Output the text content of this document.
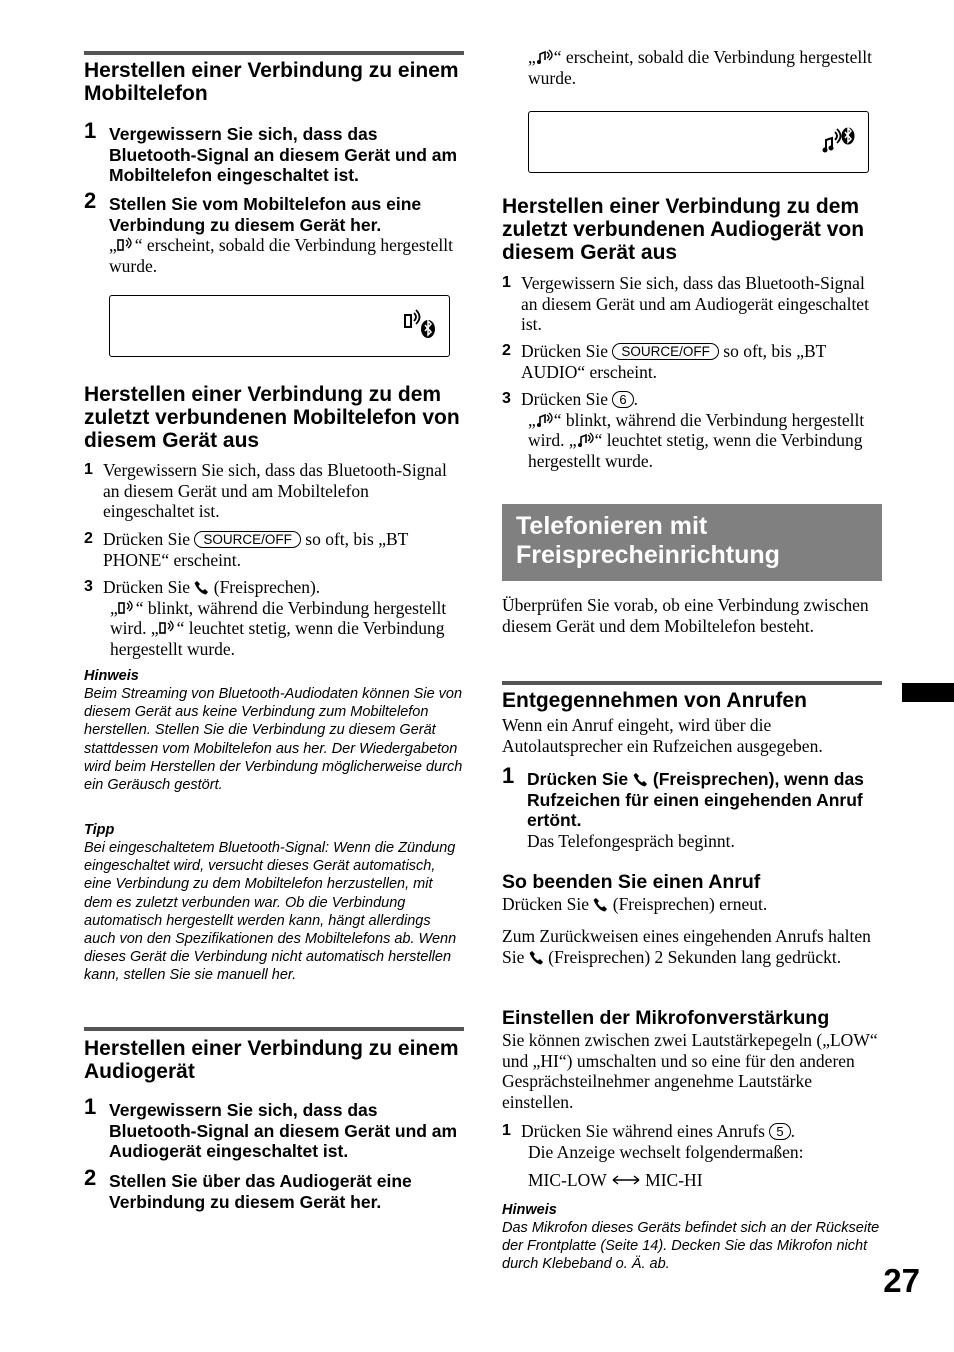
Herstellen einer Verbindung zu einem Mobiltelefon
1 Vergewissern Sie sich, dass das Bluetooth-Signal an diesem Gerät und am Mobiltelefon eingeschaltet ist.
2 Stellen Sie vom Mobiltelefon aus eine Verbindung zu diesem Gerät her.
„ “ erscheint, sobald die Verbindung hergestellt wurde.
Herstellen einer Verbindung zu dem zuletzt verbundenen Mobiltelefon von diesem Gerät aus
1 Vergewissern Sie sich, dass das Bluetooth-Signal an diesem Gerät und am Mobiltelefon eingeschaltet ist.
2 Drücken Sie SOURCE/OFF so oft, bis „BT PHONE“ erscheint.
3 Drücken Sie  (Freisprechen).
„ “ blinkt, während die Verbindung hergestellt wird. „ “ leuchtet stetig, wenn die Verbindung hergestellt wurde.

Hinweis

Beim Streaming von Bluetooth-Audiodaten können Sie von diesem Gerät aus keine Verbindung zum Mobiltelefon herstellen. Stellen Sie die Verbindung zu diesem Gerät stattdessen vom Mobiltelefon aus her. Der Wiedergabeton wird beim Herstellen der Verbindung möglicherweise durch ein Geräusch gestört.

Tipp

Bei eingeschaltetem Bluetooth-Signal: Wenn die Zündung eingeschaltet wird, versucht dieses Gerät automatisch, eine Verbindung zu dem Mobiltelefon herzustellen, mit dem es zuletzt verbunden war. Ob die Verbindung automatisch hergestellt werden kann, hängt allerdings auch von den Spezifikationen des Mobiltelefons ab. Wenn dieses Gerät die Verbindung nicht automatisch herstellen kann, stellen Sie sie manuell her.

Herstellen einer Verbindung zu einem Audiogerät
1 Vergewissern Sie sich, dass das Bluetooth-Signal an diesem Gerät und am Audiogerät eingeschaltet ist.
2 Stellen Sie über das Audiogerät eine Verbindung zu diesem Gerät her.

„ “ erscheint, sobald die Verbindung hergestellt wurde.

Herstellen einer Verbindung zu dem zuletzt verbundenen Audiogerät von diesem Gerät aus
1 Vergewissern Sie sich, dass das Bluetooth-Signal an diesem Gerät und am Audiogerät eingeschaltet ist.
2 Drücken Sie SOURCE/OFF so oft, bis „BT AUDIO“ erscheint.
3 Drücken Sie 6 .
„ “ blinkt, während die Verbindung hergestellt wird. „ “ leuchtet stetig, wenn die Verbindung hergestellt wurde.
Telefonieren mit Freisprecheinrichtung

Überprüfen Sie vorab, ob eine Verbindung zwischen diesem Gerät und dem Mobiltelefon besteht.

Entgegennehmen von Anrufen

Wenn ein Anruf eingeht, wird über die Autolautsprecher ein Rufzeichen ausgegeben.

1 Drücken Sie  (Freisprechen), wenn das Rufzeichen für einen eingehenden Anruf ertönt.
Das Telefongespräch beginnt.
So beenden Sie einen Anruf

Drücken Sie  (Freisprechen) erneut.

Zum Zurückweisen eines eingehenden Anrufs halten Sie  (Freisprechen) 2 Sekunden lang gedrückt.

Einstellen der Mikrofonverstärkung

Sie können zwischen zwei Lautstärkepegeln („LOW“ und „HI“) umschalten und so eine für den anderen Gesprächsteilnehmer angenehme Lautstärke einstellen.

1 Drücken Sie während eines Anrufs 5 .
Die Anzeige wechselt folgendermaßen:
MIC-LOW MIC-HI

Hinweis

Das Mikrofon dieses Geräts befindet sich an der Rückseite der Frontplatte (Seite 14). Decken Sie das Mikrofon nicht durch Klebeband o. Ä. ab.	27
